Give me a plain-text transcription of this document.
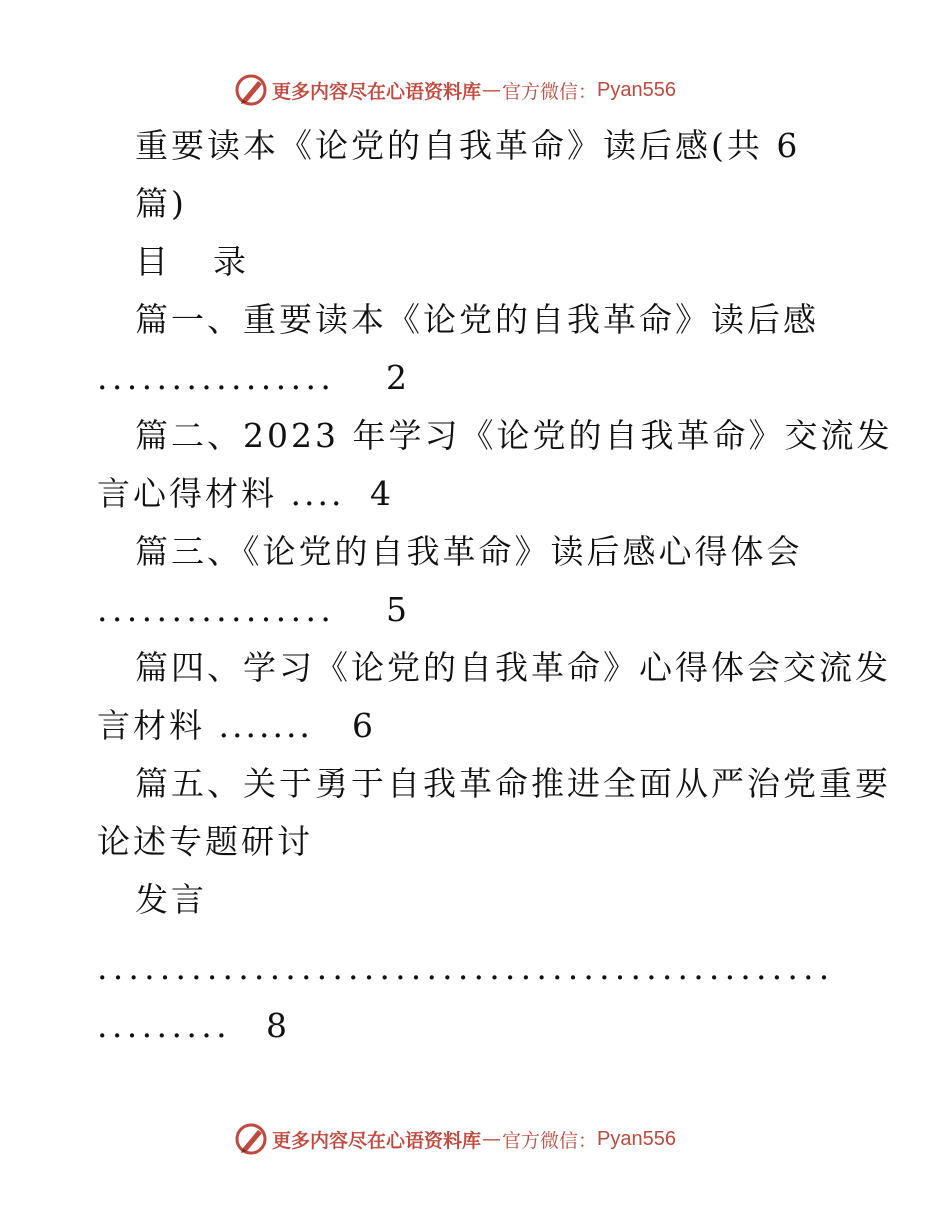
更多内容尽在心语资料库 — 官方微信： Pyan556
重要读本《论党的自我革命》读后感(共 6
篇)
目　录
篇一、重要读本《论党的自我革命》读后感
................ 2
篇二、2023 年学习《论党的自我革命》交流发
言心得材料 .... 4
篇三、《论党的自我革命》读后感心得体会
................ 5
篇四、学习《论党的自我革命》心得体会交流发
言材料 ....... 6
篇五、关于勇于自我革命推进全面从严治党重要
论述专题研讨
发言
...............................................
......... 8
更多内容尽在心语资料库 — 官方微信： Pyan556
